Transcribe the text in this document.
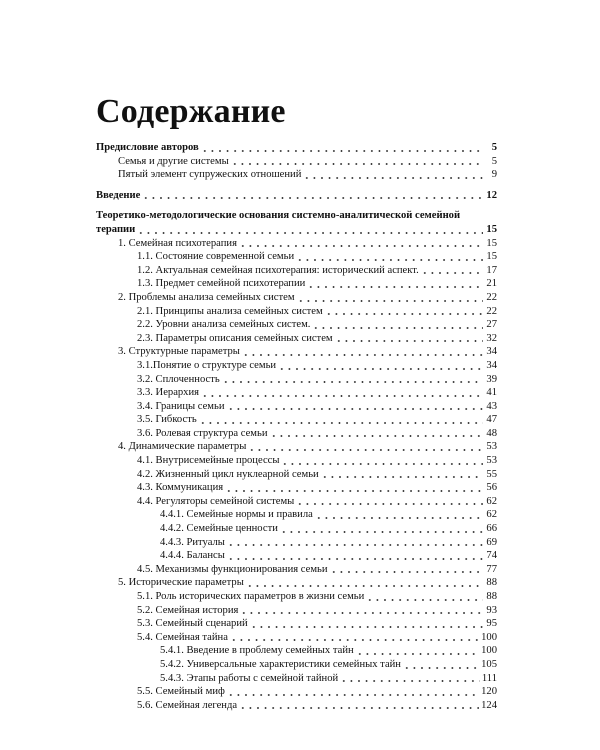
Содержание
Предисловие авторов	5
Семья и другие системы	5
Пятый элемент супружеских отношений	9
Введение	12
Теоретико-методологические основания системно-аналитической семейной
терапии	15
1. Семейная психотерапия	15
1.1. Состояние современной семьи	15
1.2. Актуальная семейная психотерапия: исторический аспект.	17
1.3. Предмет семейной психотерапии	21
2. Проблемы анализа семейных систем	22
2.1. Принципы анализа семейных систем	22
2.2. Уровни анализа семейных систем.	27
2.3. Параметры описания семейных систем	32
3. Структурные параметры	34
3.1.Понятие о структуре семьи	34
3.2. Сплоченность	39
3.3. Иерархия	41
3.4. Границы семьи	43
3.5. Гибкость	47
3.6. Ролевая структура семьи	48
4. Динамические параметры	53
4.1. Внутрисемейные процессы	53
4.2. Жизненный цикл нуклеарной семьи	55
4.3. Коммуникация	56
4.4. Регуляторы семейной системы	62
4.4.1. Семейные нормы и правила	62
4.4.2. Семейные ценности	66
4.4.3. Ритуалы	69
4.4.4. Балансы	74
4.5. Механизмы функционирования семьи	77
5. Исторические параметры	88
5.1. Роль исторических параметров в жизни семьи	88
5.2. Семейная история	93
5.3. Семейный сценарий	95
5.4. Семейная тайна	100
5.4.1. Введение в проблему семейных тайн	100
5.4.2. Универсальные характеристики семейных тайн	105
5.4.3. Этапы работы с семейной тайной	111
5.5. Семейный миф	120
5.6. Семейная легенда	124
